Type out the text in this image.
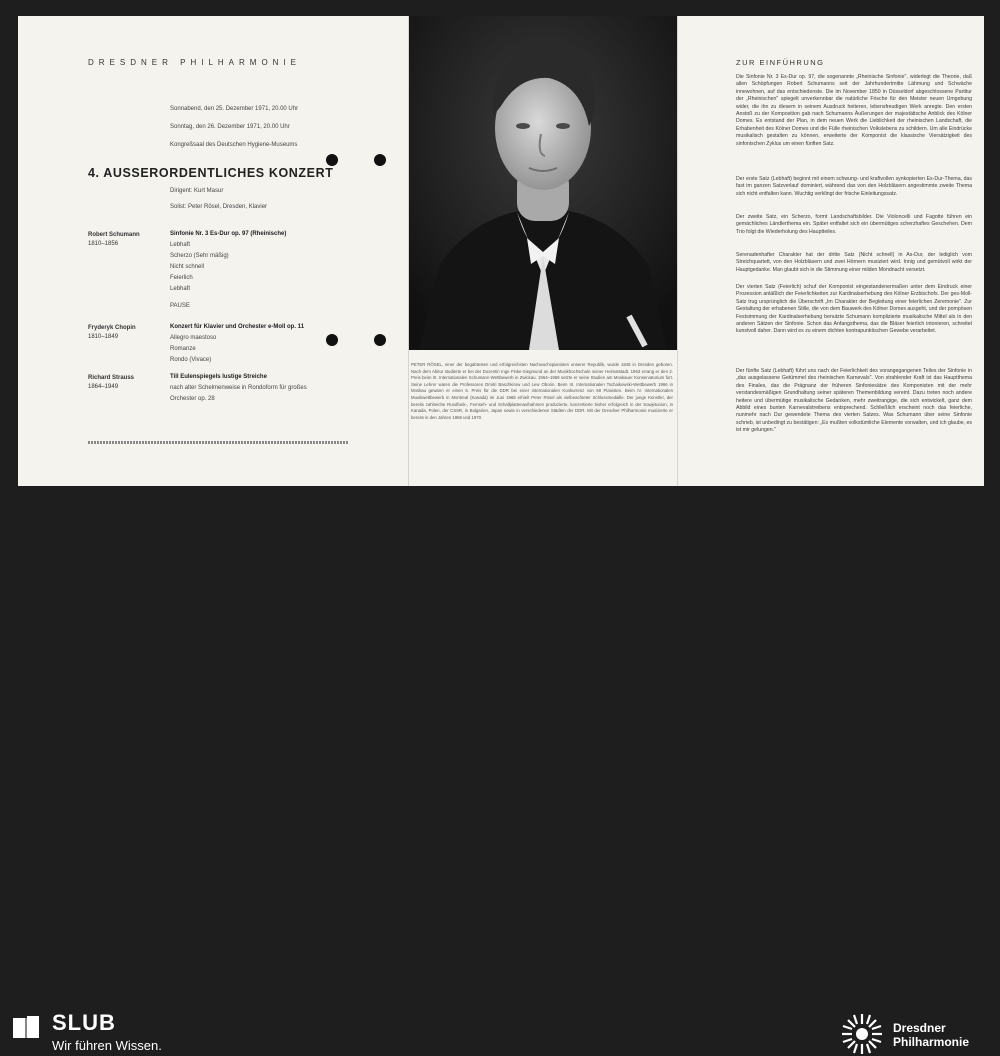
DRESDNER PHILHARMONIE
Sonnabend, den 25. Dezember 1971, 20.00 Uhr
Sonntag, den 26. Dezember 1971, 20.00 Uhr
Kongreßsaal des Deutschen Hygiene-Museums
4. AUSSERORDENTLICHES KONZERT
Dirigent: Kurt Masur
Solist: Peter Rösel, Dresden, Klavier
Robert Schumann
1810–1856
Sinfonie Nr. 3 Es-Dur op. 97 (Rheinische)
Lebhaft
Scherzo (Sehr mäßig)
Nicht schnell
Feierlich
Lebhaft
PAUSE
Fryderyk Chopin
1810–1849
Konzert für Klavier und Orchester e-Moll op. 11
Allegro maestoso
Romanze
Rondo (Vivace)
Richard Strauss
1864–1949
Till Eulenspiegels lustige Streiche
nach alter Schelmenweise in Rondoform für großes
Orchester op. 28
PETER RÖSEL, einer der begabtesten und erfolgreichsten Nachwuchspianisten unserer Republik, wurde 1945 in Dresden geboren. Nach dem Abitur studierte er bei der Dozentin Inge Finke-Siegmund an der Musikhochschule seiner Heimatstadt. 1963 errang er den 2. Preis beim III. Internationalen Schumann-Wettbewerb in Zwickau. 1964–1969 setzte er seine Studien am Moskauer Konservatorium fort. Seine Lehrer waren die Professoren Dmitri Baschkirow und Lew Oborin. Beim III. Internationalen Tschaikowski-Wettbewerb 1966 in Moskau gewann er einen 6. Preis für die DDR bei einer internationalen Konkurrenz von 68 Pianisten. Beim IV. Internationalen Musikwettbewerb in Montreal (Kanada) im Juni 1968 erhielt Peter Rösel als vielbeachteter Schlussmedaille. Der junge Künstler, der bereits zahlreiche Rundfunk-, Fernseh- und Schallplattenaufnahmen produzierte, konzertierte bisher erfolgreich in der Sowjetunion, in Kanada, Polen, der CSSR, in Bulgarien, Japan sowie in verschiedenen Städten der DDR. Mit der Dresdner Philharmonie musizierte er bereits in den Jahren 1968 und 1970.
ZUR EINFÜHRUNG
Die Sinfonie Nr. 3 Es-Dur op. 97, die sogenannte „Rheinische Sinfonie", widerlegt die Theorie, daß allen Schöpfungen Robert Schumanns seit der Jahrhundertmitte Lähmung und Schwäche innewohnen, auf das entschiedenste. Die im November 1850 in Düsseldorf abgeschlossene Partitur der „Rheinischen" spiegelt unverkennbar die natürliche Frische für den Meister neuen Umgebung wider, die ihn zu diesem in seinem Ausdruck heiteren, lebensfreudigen Werk anregte. Den ersten Anstoß zu der Komposition gab nach Schumanns Äußerungen der majestätische Anblick des Kölner Domes. Es entstand der Plan, in dem neuen Werk die Lieblichkeit der rheinischen Landschaft, die Erhabenheit des Kölner Domes und die Fülle rheinischen Volkslebens zu schildern. Um alle Eindrücke musikalisch gestalten zu können, erweiterte der Komponist die klassische Viersätzigkeit des sinfonischen Zyklus um einen fünften Satz.
Der erste Satz (Lebhaft) beginnt mit einem schwung- und kraftvollen synkopierten Es-Dur-Thema, das fast im ganzen Satzverlauf dominiert, während das von den Holzbläsern angestimmte zweite Thema sich nicht entfalten kann. Wuchtig verklingt der frische Einleitungssatz.
Der zweite Satz, ein Scherzo, formt Landschaftsbilder. Die Violoncelli und Fagotte führen ein gemächliches Ländlerthema ein. Später entfaltet sich ein übermütiges scherzhaftes Geschehen. Dem Trio folgt die Wiederholung des Hauptteiles.
Serenadenhafter Charakter hat der dritte Satz (Nicht schnell) in As-Dur, der lediglich vom Streichquartett, von den Holzbläsern und zwei Hörnern musiziert wird. Innig und gemütvoll wirkt der Hauptgedanke. Man glaubt sich in die Stimmung einer milden Mondnacht versetzt.
Der vierten Satz (Feierlich) schuf der Komponist eingestandenermaßen unter dem Eindruck einer Prozession anläßlich der Feierlichkeiten zur Kardinalserhebung des Kölner Erzbischofs. Der ges-Moll-Satz trug ursprünglich die Überschrift „Im Charakter der Begleitung einer feierlichen Zeremonie". Zur Gestaltung der erhabenen Stille, die von dem Bauwerk des Kölner Domes ausgeht, und der pompösen Festsimmung der Kardinalserhebung benutzte Schumann komplizierte musikalische Mittel als in den anderen Sätzen der Sinfonie. Schon das Anfangsthema, das die Bläser feierlich intonieren, schreitet kunstvoll daher. Dann wird es zu einem dichten kontrapunktischen Gewebe verarbeitet.
Der fünfte Satz (Lebhaft) führt uns nach der Feierlichkeit des vorangegangenen Teiles der Sinfonie in „das ausgelassene Getümmel des rheinischen Karnevals". Von strahlender Kraft ist das Hauptthema des Finales, das die Prägnanz der früheren Sinfoniesätze des Komponisten mit der mehr verstandesmäßigen Grundhaltung seiner späteren Themenbildung vereint. Dazu treten noch andere heitere und übermütige musikalische Gedanken, mehr zweitrangige, die sich entwickelt, ganz dem Abbild eines bunten Karnevalstreibens entsprechend. Schließlich erscheint noch das feierliche, nunmehr nach Dur gewendete Thema des vierten Satzes. Was Schumann über seine Sinfonie schrieb, ist unbedingt zu bestätigen: „Es mußten volkstümliche Elemente vorwalten, und ich glaube, es ist mir gelungen."
SLUB
Wir führen Wissen.
Dresdner
Philharmonie
